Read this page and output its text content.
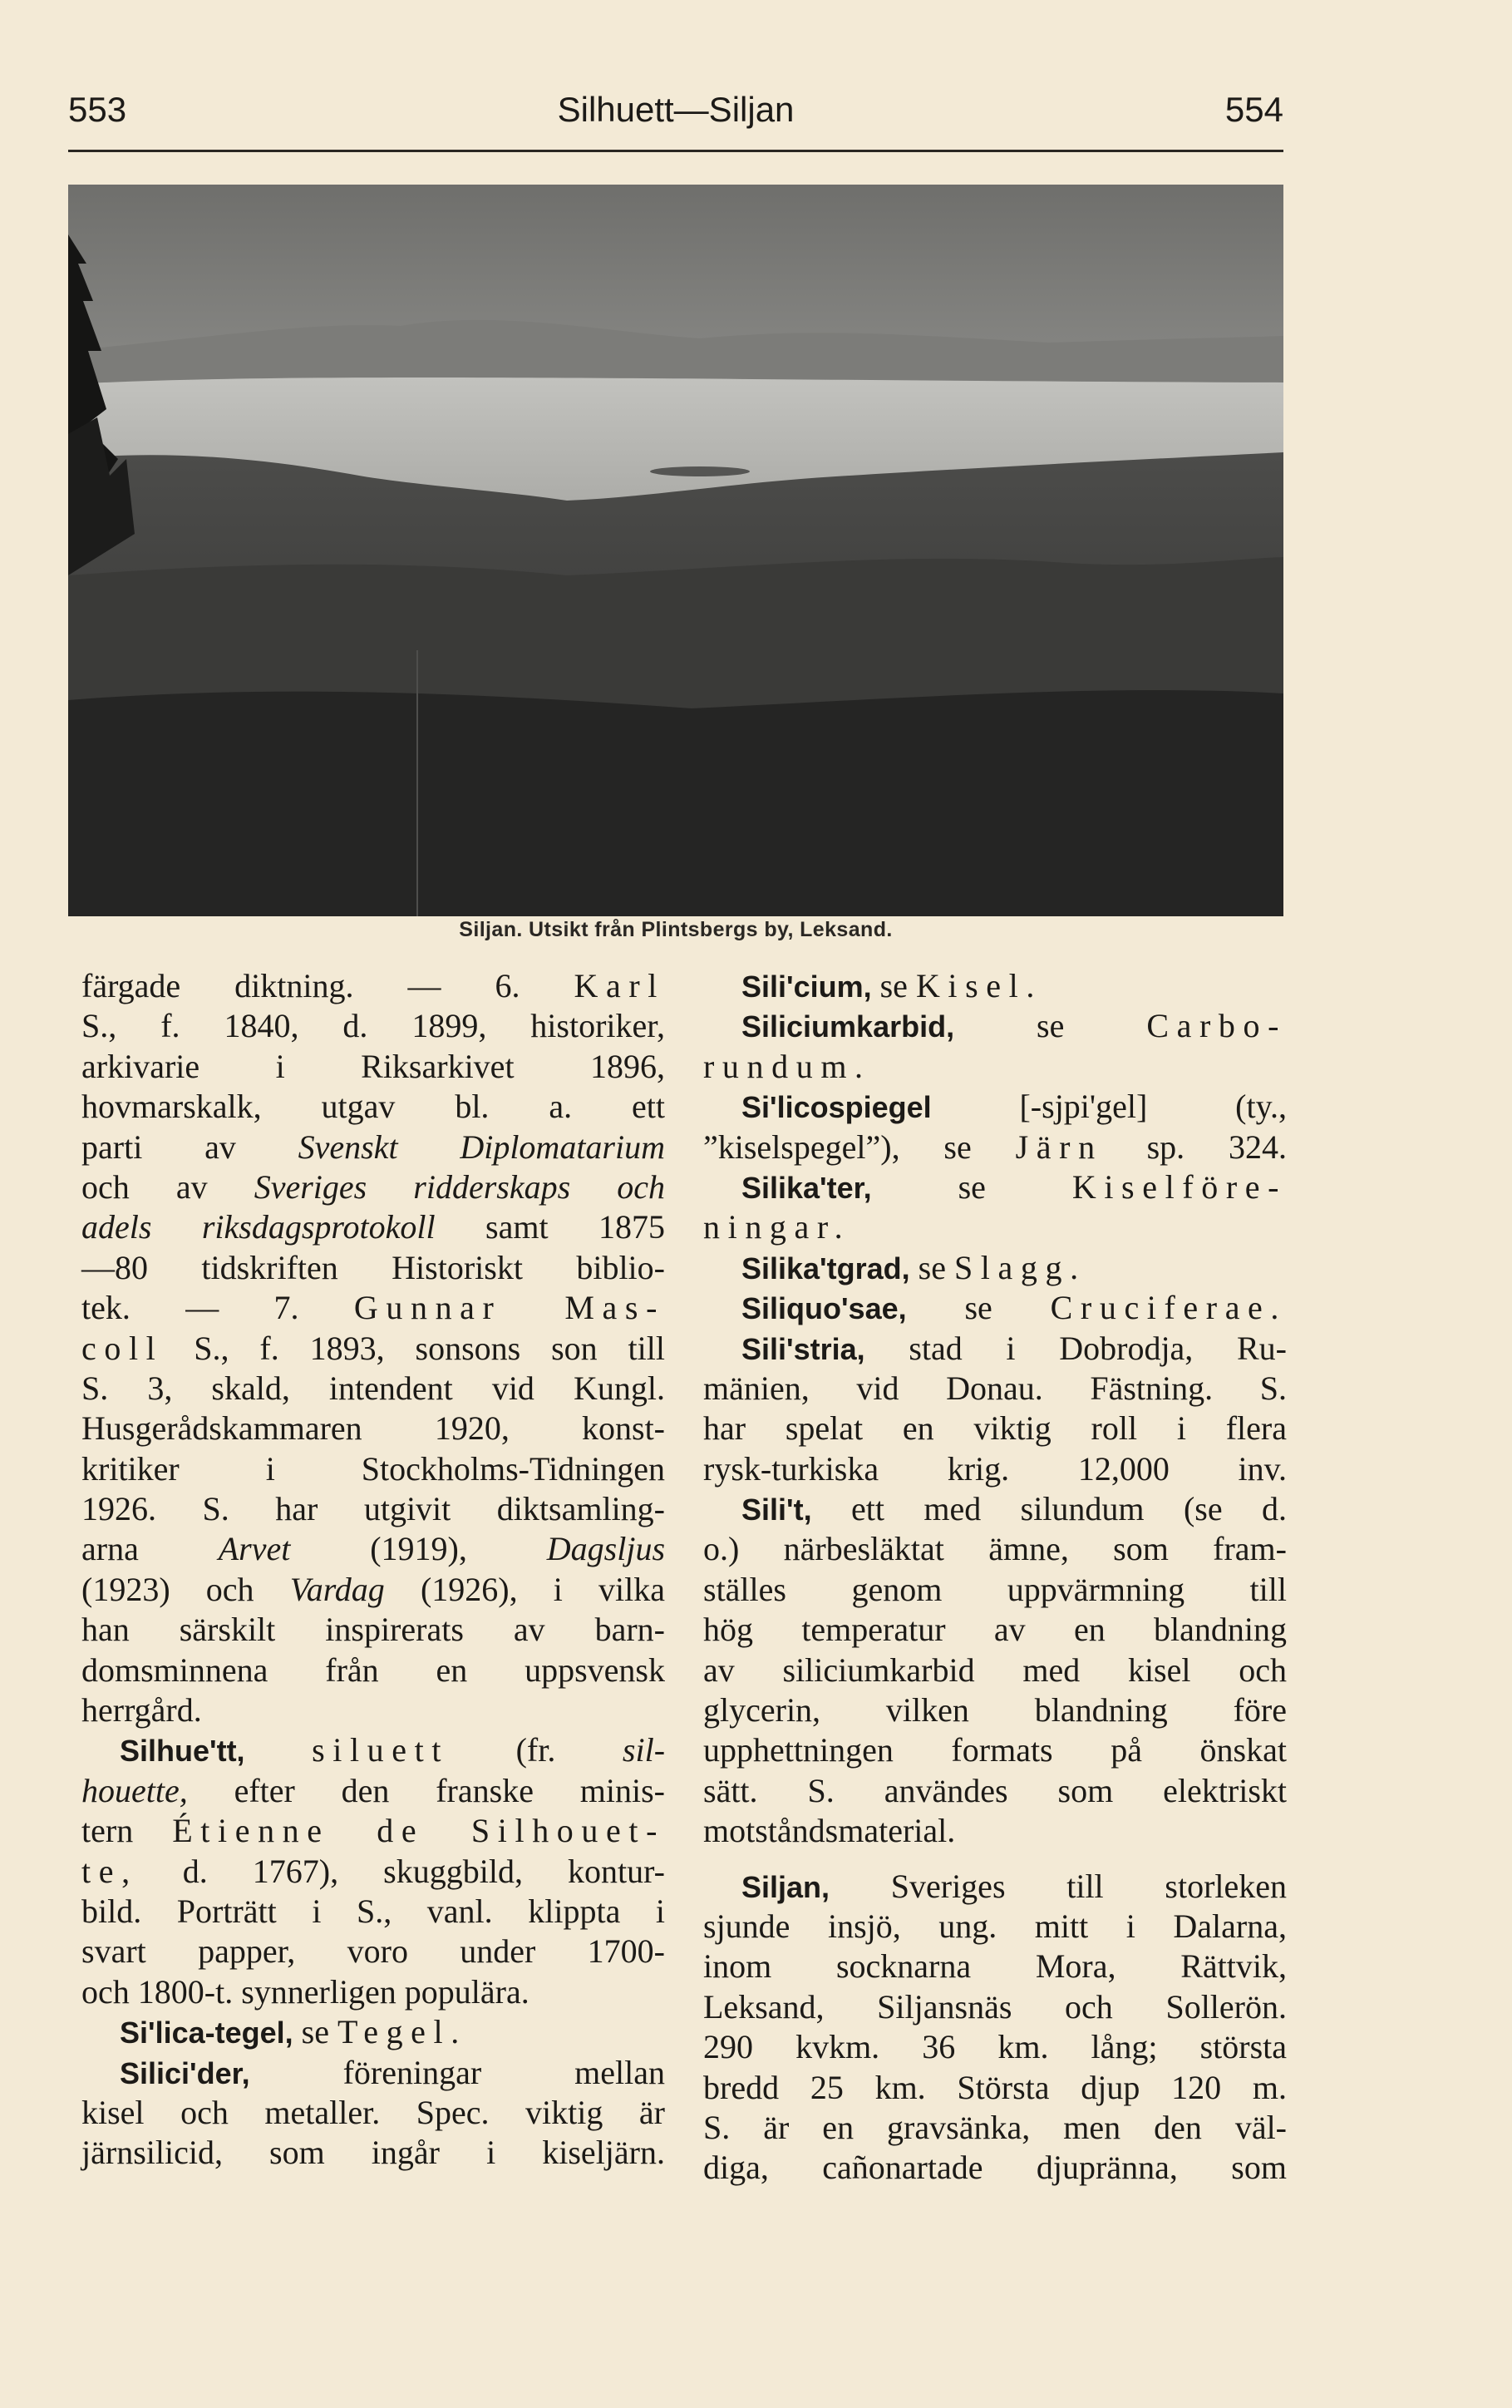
553	Silhuett—Siljan	554
Siljan. Utsikt från Plintsbergs by, Leksand.
färgade diktning. — 6. Karl
S., f. 1840, d. 1899, historiker,
arkivarie i Riksarkivet 1896,
hovmarskalk, utgav bl. a. ett
parti av Svenskt Diplomatarium
och av Sveriges ridderskaps och
adels riksdagsprotokoll samt 1875
—80 tidskriften Historiskt biblio-
tek. — 7. Gunnar Mas-
coll S., f. 1893, sonsons son till
S. 3, skald, intendent vid Kungl.
Husgerådskammaren 1920, konst-
kritiker i Stockholms-Tidningen
1926. S. har utgivit diktsamling-
arna Arvet (1919), Dagsljus
(1923) och Vardag (1926), i vilka
han särskilt inspirerats av barn-
domsminnena från en uppsvensk
herrgård.
Silhue'tt, siluett (fr. sil-
houette, efter den franske minis-
tern Étienne de Silhouet-
te, d. 1767), skuggbild, kontur-
bild. Porträtt i S., vanl. klippta i
svart papper, voro under 1700-
och 1800-t. synnerligen populära.
Si'lica-tegel, se Tegel.
Silici'der,	föreningar mellan
kisel och metaller. Spec. viktig är
järnsilicid, som ingår i kiseljärn.
Sili'cium, se Kisel.
Siliciumkarbid, se Carbo-
rundum.
Si'licospiegel	[-sjpi'gel] (ty.,
”kiselspegel”), se Järn sp. 324.
Silika'ter,	se	Kiselföre-
ningar.
Silika'tgrad, se Slagg.
Siliquo'sae, se Cruciferae.
Sili'stria, stad i Dobrodja, Ru-
mänien, vid Donau. Fästning. S.
har spelat en viktig roll i flera
rysk-turkiska krig. 12,000 inv.
Sili't, ett med silundum (se d.
o.) närbesläktat ämne, som fram-
ställes genom uppvärmning till
hög temperatur av en blandning
av siliciumkarbid med kisel och
glycerin, vilken blandning före
upphettningen formats på önskat
sätt. S. användes som elektriskt
motståndsmaterial.
Siljan, Sveriges till storleken
sjunde insjö, ung. mitt i Dalarna,
inom socknarna Mora, Rättvik,
Leksand, Siljansnäs och Sollerön.
290 kvkm. 36 km. lång; största
bredd 25 km. Största djup 120 m.
S. är en gravsänka, men den väl-
diga, cañonartade djupränna, som
